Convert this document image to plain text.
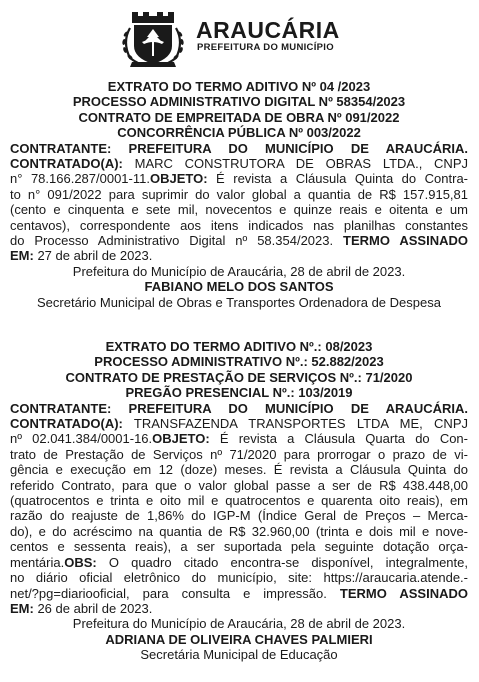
ARAUCÁRIA
PREFEITURA DO MUNICÍPIO
EXTRATO DO TERMO ADITIVO Nº 04 /2023
PROCESSO ADMINISTRATIVO DIGITAL Nº 58354/2023
CONTRATO DE EMPREITADA DE OBRA Nº 091/2022
CONCORRÊNCIA PÚBLICA Nº 003/2022
CONTRATANTE: PREFEITURA DO MUNICÍPIO DE ARAUCÁRIA.
CONTRATADO(A): MARC CONSTRUTORA DE OBRAS LTDA., CNPJ
n° 78.166.287/0001-11.OBJETO: É revista a Cláusula Quinta do Contra-
to n° 091/2022 para suprimir do valor global a quantia de R$ 157.915,81
(cento e cinquenta e sete mil, novecentos e quinze reais e oitenta e um
centavos), correspondente aos itens indicados nas planilhas constantes
do Processo Administrativo Digital nº 58.354/2023. TERMO ASSINADO
EM: 27 de abril de 2023.
Prefeitura do Município de Araucária, 28 de abril de 2023.
FABIANO MELO DOS SANTOS
Secretário Municipal de Obras e Transportes Ordenadora de Despesa
EXTRATO DO TERMO ADITIVO Nº.: 08/2023
PROCESSO ADMINISTRATIVO Nº.: 52.882/2023
CONTRATO DE PRESTAÇÃO DE SERVIÇOS Nº.: 71/2020
PREGÃO PRESENCIAL Nº.: 103/2019
CONTRATANTE: PREFEITURA DO MUNICÍPIO DE ARAUCÁRIA.
CONTRATADO(A): TRANSFAZENDA TRANSPORTES LTDA ME, CNPJ
nº 02.041.384/0001-16.OBJETO: É revista a Cláusula Quarta do Con-
trato de Prestação de Serviços nº 71/2020 para prorrogar o prazo de vi-
gência e execução em 12 (doze) meses. É revista a Cláusula Quinta do
referido Contrato, para que o valor global passe a ser de R$ 438.448,00
(quatrocentos e trinta e oito mil e quatrocentos e quarenta oito reais), em
razão do reajuste de 1,86% do IGP-M (Índice Geral de Preços – Merca-
do), e do acréscimo na quantia de R$ 32.960,00 (trinta e dois mil e nove-
centos e sessenta reais), a ser suportada pela seguinte dotação orça-
mentária.OBS: O quadro citado encontra-se disponível, integralmente,
no diário oficial eletrônico do município, site: https://araucaria.atende.-
net/?pg=diariooficial, para consulta e impressão. TERMO ASSINADO
EM: 26 de abril de 2023.
Prefeitura do Município de Araucária, 28 de abril de 2023.
ADRIANA DE OLIVEIRA CHAVES PALMIERI
Secretária Municipal de Educação
